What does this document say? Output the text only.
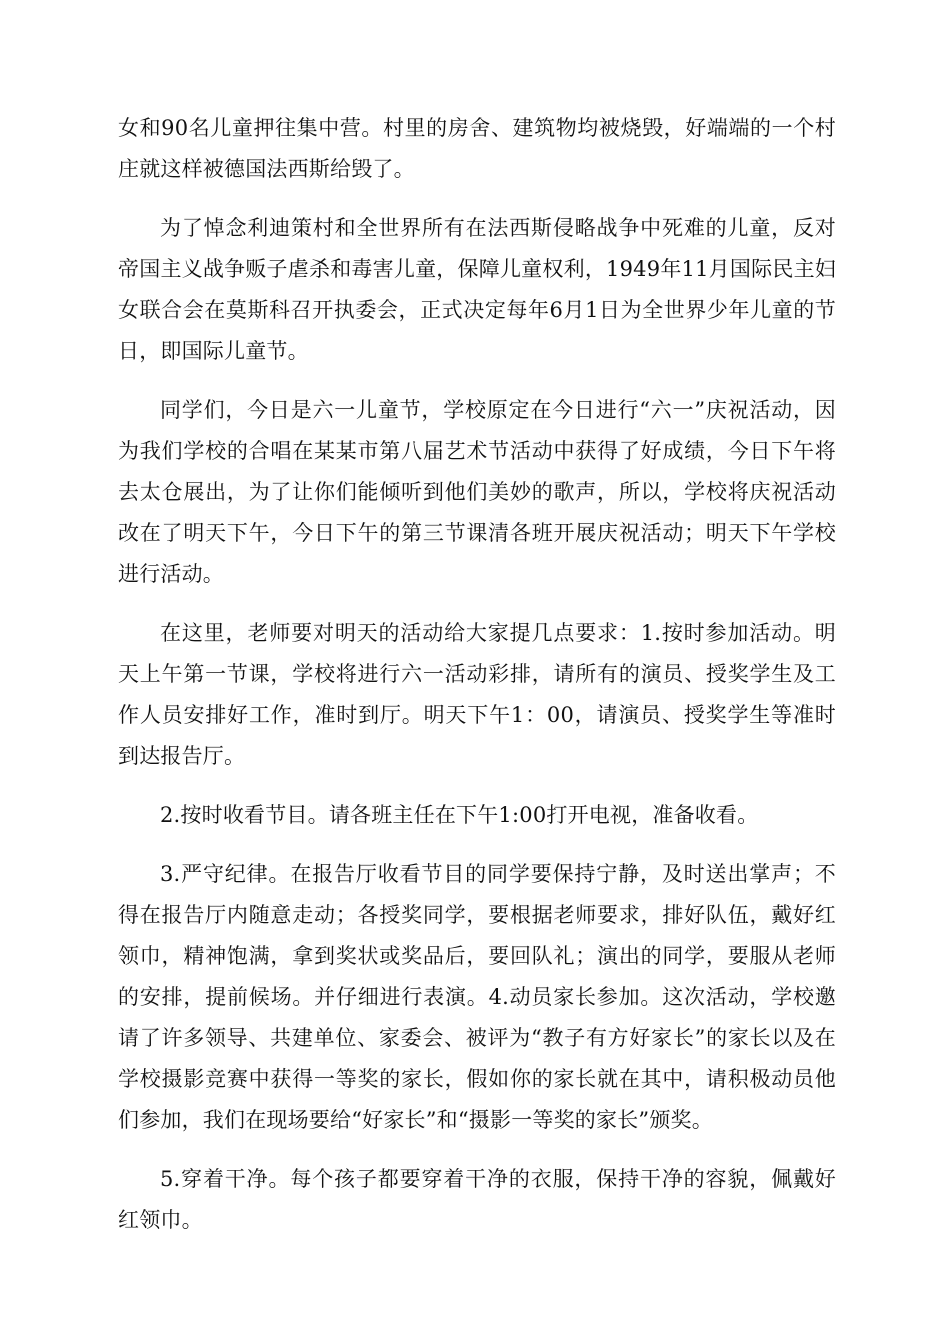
女和90名儿童押往集中营。村里的房舍、建筑物均被烧毁，好端端的一个村庄就这样被德国法西斯给毁了。

为了悼念利迪策村和全世界所有在法西斯侵略战争中死难的儿童，反对帝国主义战争贩子虐杀和毒害儿童，保障儿童权利，1949年11月国际民主妇女联合会在莫斯科召开执委会，正式决定每年6月1日为全世界少年儿童的节日，即国际儿童节。

同学们，今日是六一儿童节，学校原定在今日进行“六一”庆祝活动，因为我们学校的合唱在某某市第八届艺术节活动中获得了好成绩，今日下午将去太仓展出，为了让你们能倾听到他们美妙的歌声，所以，学校将庆祝活动改在了明天下午，今日下午的第三节课清各班开展庆祝活动；明天下午学校进行活动。

在这里，老师要对明天的活动给大家提几点要求：1.按时参加活动。明天上午第一节课，学校将进行六一活动彩排，请所有的演员、授奖学生及工作人员安排好工作，准时到厅。明天下午1：00，请演员、授奖学生等准时到达报告厅。

2.按时收看节目。请各班主任在下午1:00打开电视，准备收看。

3.严守纪律。在报告厅收看节目的同学要保持宁静，及时送出掌声；不得在报告厅内随意走动；各授奖同学，要根据老师要求，排好队伍，戴好红领巾，精神饱满，拿到奖状或奖品后，要回队礼；演出的同学，要服从老师的安排，提前候场。并仔细进行表演。4.动员家长参加。这次活动，学校邀请了许多领导、共建单位、家委会、被评为“教子有方好家长”的家长以及在学校摄影竞赛中获得一等奖的家长，假如你的家长就在其中，请积极动员他们参加，我们在现场要给“好家长”和“摄影一等奖的家长”颁奖。

5.穿着干净。每个孩子都要穿着干净的衣服，保持干净的容貌，佩戴好红领巾。
